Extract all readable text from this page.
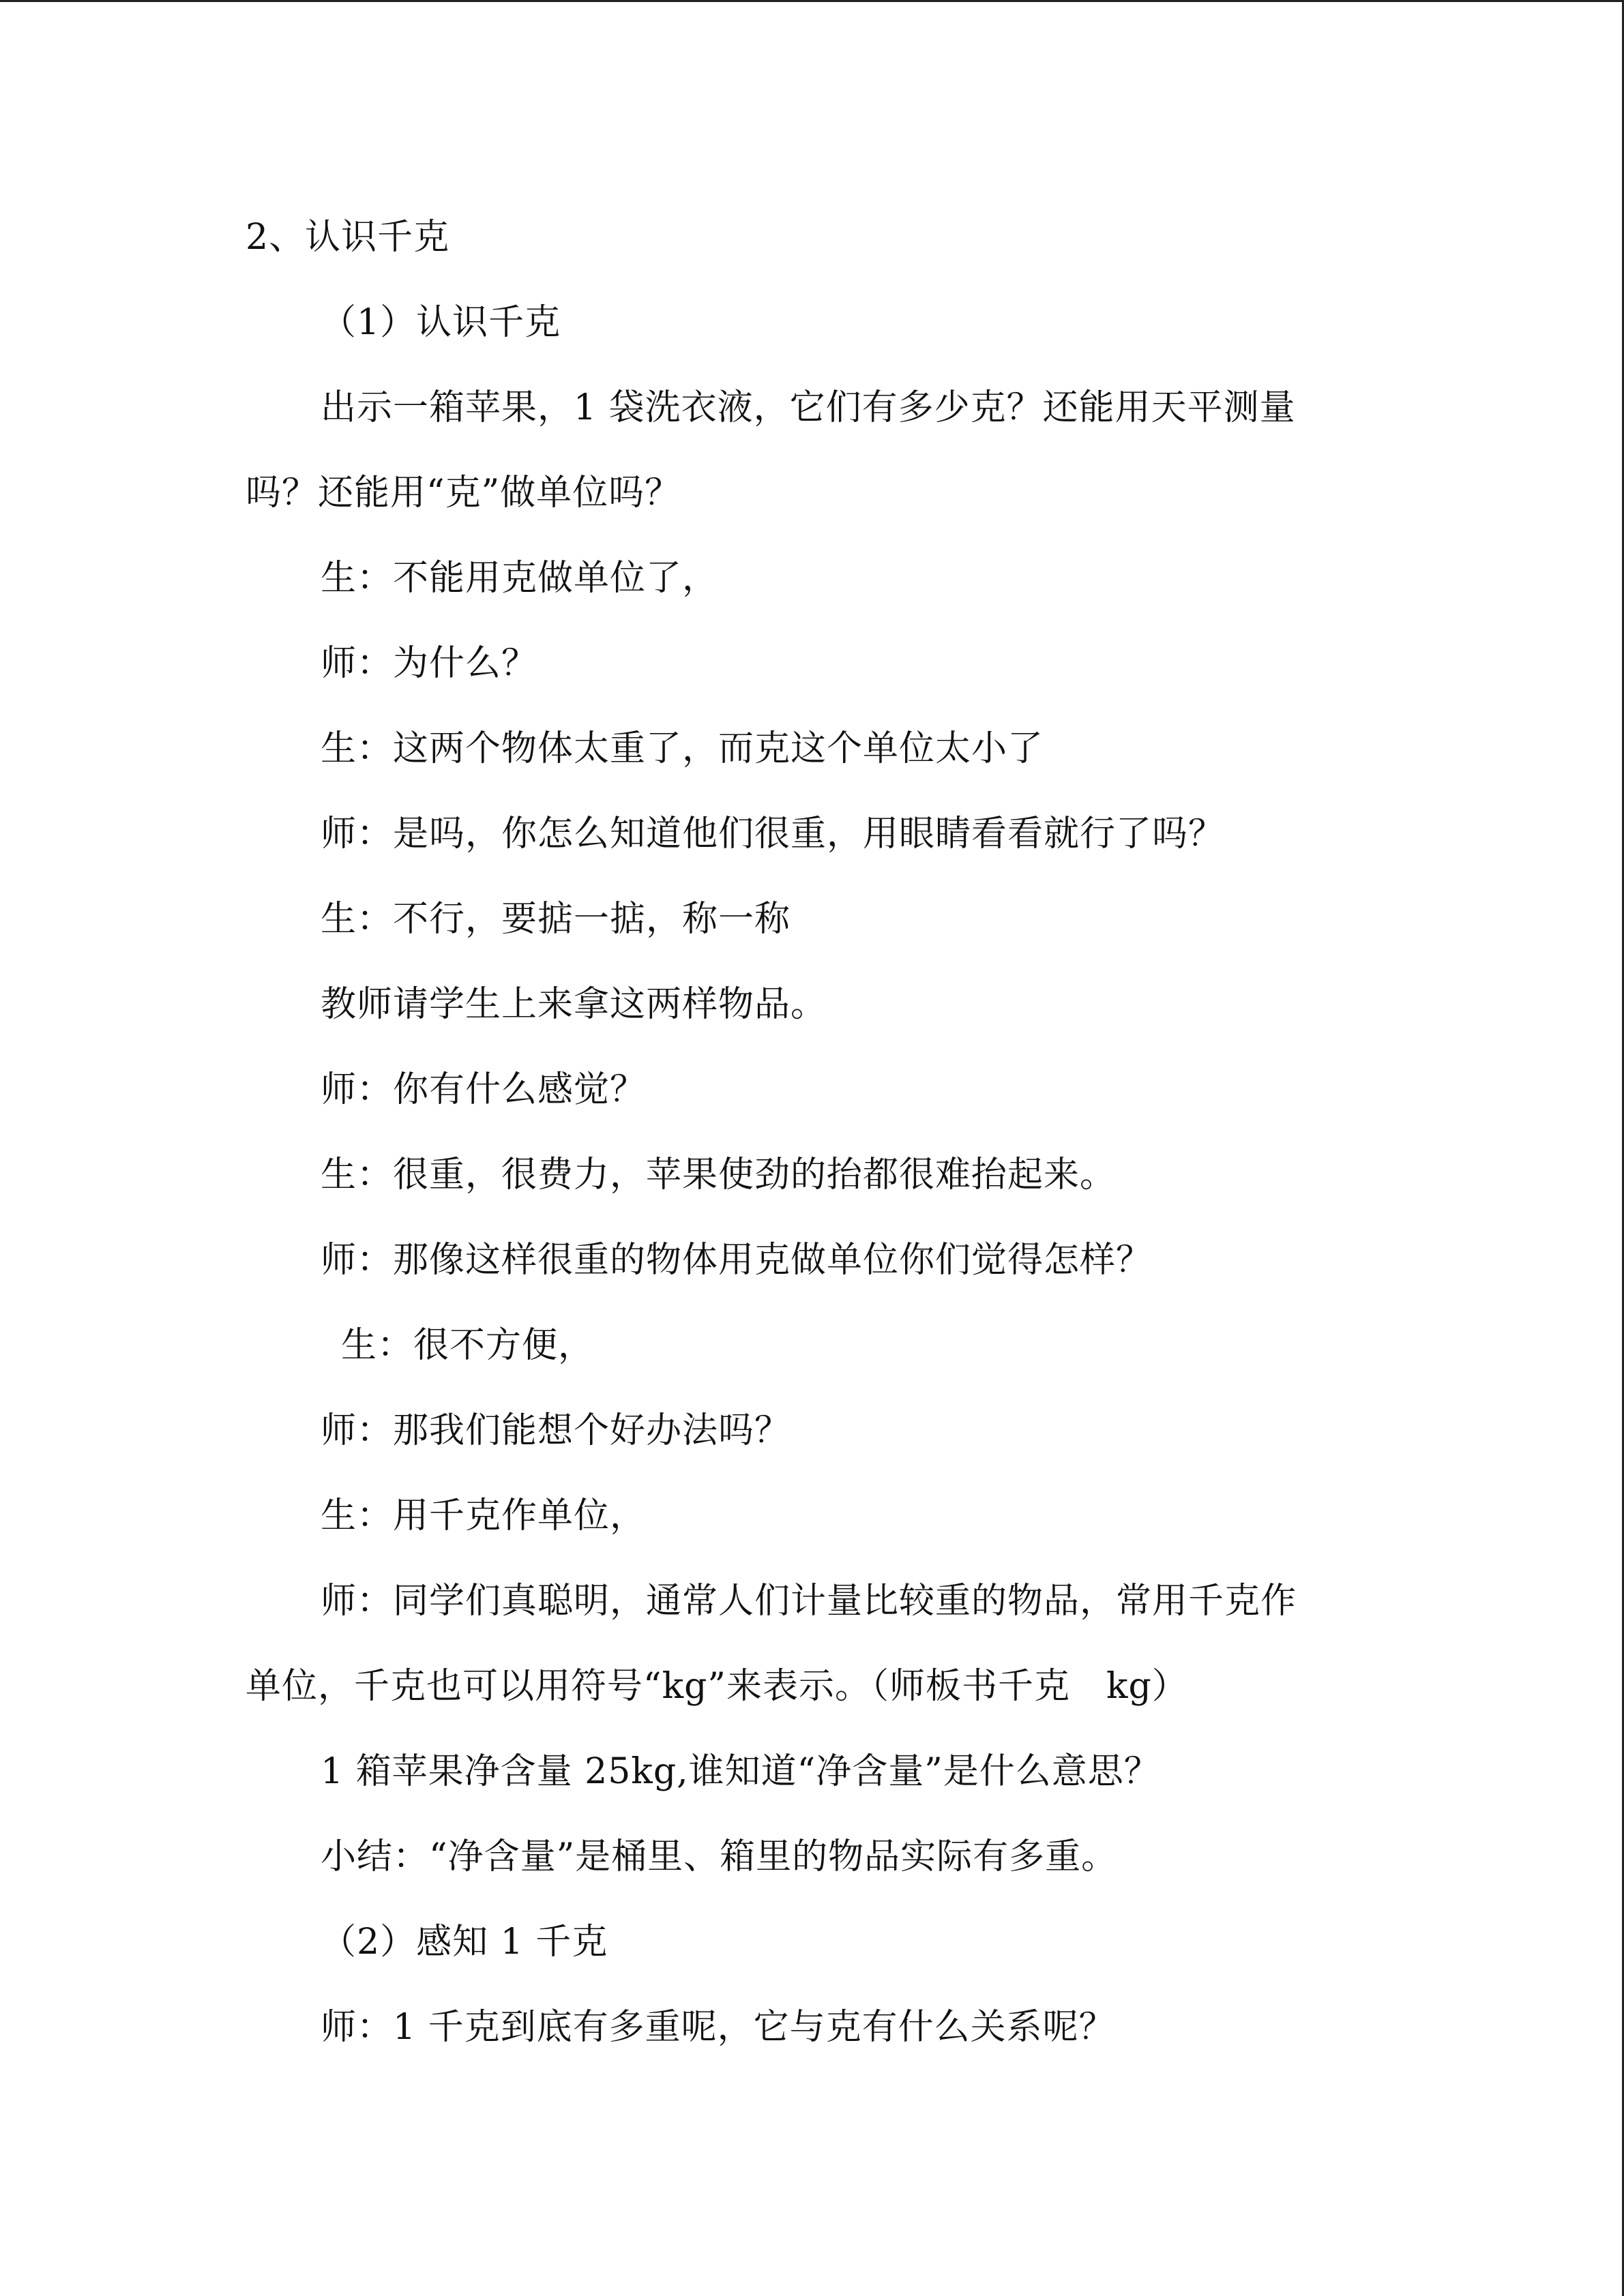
2、认识千克
（1）认识千克
出示一箱苹果，1 袋洗衣液，它们有多少克？还能用天平测量
吗？还能用“克”做单位吗？
生：不能用克做单位了，
师：为什么？
生：这两个物体太重了，而克这个单位太小了
师：是吗，你怎么知道他们很重，用眼睛看看就行了吗？
生：不行，要掂一掂，称一称
教师请学生上来拿这两样物品。
师：你有什么感觉？
生：很重，很费力，苹果使劲的抬都很难抬起来。
师：那像这样很重的物体用克做单位你们觉得怎样？
生：很不方便，
师：那我们能想个好办法吗？
生：用千克作单位，
师：同学们真聪明，通常人们计量比较重的物品，常用千克作
单位，千克也可以用符号“kg”来表示。（师板书千克　kg）
1 箱苹果净含量 25kg,谁知道“净含量”是什么意思？
小结：“净含量”是桶里、箱里的物品实际有多重。
（2）感知 1 千克
师：1 千克到底有多重呢，它与克有什么关系呢？
